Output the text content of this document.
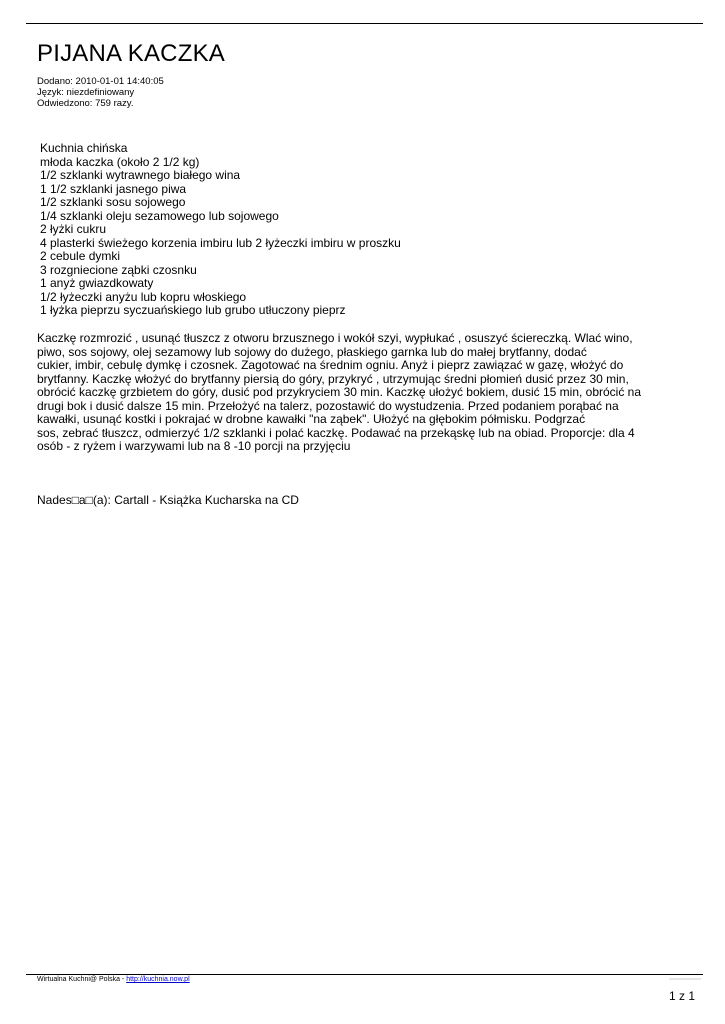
PIJANA KACZKA
Dodano: 2010-01-01 14:40:05
Język: niezdefiniowany
Odwiedzono: 759 razy.
Kuchnia chińska
młoda kaczka (około 2 1/2 kg)
1/2 szklanki wytrawnego białego wina
1 1/2 szklanki jasnego piwa
1/2 szklanki sosu sojowego
1/4 szklanki oleju sezamowego lub sojowego
2 łyżki cukru
4 plasterki świeżego korzenia imbiru lub 2 łyżeczki imbiru w proszku
2 cebule dymki
3 rozgniecione ząbki czosnku
1 anyż gwiazdkowaty
1/2 łyżeczki anyżu lub kopru włoskiego
1 łyżka pieprzu syczuańskiego lub grubo utłuczony pieprz
Kaczkę rozmrozić , usunąć tłuszcz z otworu brzusznego i wokół szyi, wypłukać , osuszyć ściereczką. Wlać wino,
piwo, sos sojowy, olej sezamowy lub sojowy do dużego, płaskiego garnka lub do małej brytfanny, dodać
cukier, imbir, cebulę dymkę i czosnek. Zagotować na średnim ogniu. Anyż i pieprz zawiązać w gazę, włożyć do
brytfanny. Kaczkę włożyć do brytfanny piersią do góry, przykryć , utrzymując średni płomień dusić przez 30 min,
obrócić kaczkę grzbietem do góry, dusić pod przykryciem 30 min. Kaczkę ułożyć bokiem, dusić 15 min, obrócić na
drugi bok i dusić dalsze 15 min. Przełożyć na talerz, pozostawić do wystudzenia. Przed podaniem porąbać na
kawałki, usunąć kostki i pokrajać w drobne kawałki "na ząbek". Ułożyć na głębokim półmisku. Podgrzać
sos, zebrać tłuszcz, odmierzyć 1/2 szklanki i polać kaczkę. Podawać na przekąskę lub na obiad. Proporcje: dla 4
osób - z ryżem i warzywami lub na 8 -10 porcji na przyjęciu
Nades□a□(a): Cartall - Książka Kucharska na CD
Wirtualna Kuchni@ Polska - http://kuchnia.now.pl
1 z 1
